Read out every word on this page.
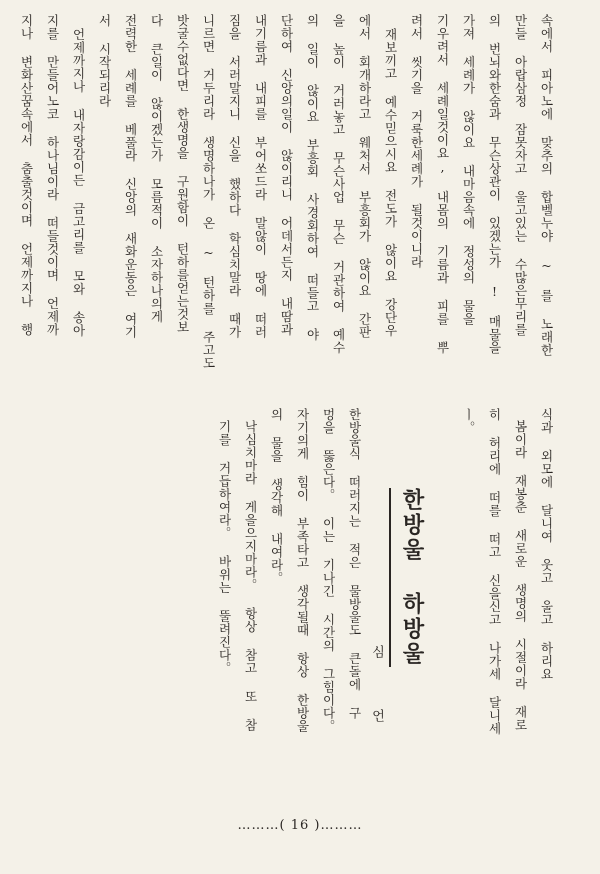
속에서 피아노에 맞추의 합벨누야 ~ 를 노래한
만들 아랍삼정 잠못자고 울고있는 수많은무리를
의 번뇌와한숨과 무슨상관이 있겠는가 ! 매물을
가져 세례가 않이요 내마음속에 정성의 물을
기우려서 세례일것이요, 내몸의 기름과 피를 뿌
려서 씻기을 거룩한세례가 될것이니라
재보끼고 예수믿으시요 전도가 않이요 강단우
에서 회개하라고 웨처서 부흥회가 않이요 간판
을 높이 거러놓고 무슨사업 무슨 거관하여 예수
의 일이 않이요 부흥회 사경회하여 떠들고 야
단하여 신앙의일이 않이리니 어데서든지 내땀과
내기름과 내피를 부어쏘드라 말않이 땅에 떠러
짐을 서러말지니 신을 했하다 학심치말라 때가
니르면 거두리라 생명하나가 온 ~ 턴하를 주고도
밧굴수없다면 한생명을 구원함이 턴하를얻는것보
다 큰일이 않이겠는가 모름적이 소자하나의게
전력한 세례를 베풀라 신앙의 새화운동은 여기
서 시작되리라
언제까지나 내자랑감이든 금고리를 모와 송아
지를 만들어노코 하나님이라 떠들것이며 언제까
지나 변화산꿈속에서 춤출것이며 언제까지나 행
식과 외모에 달니여 웃고 울고 하리요
봄이라 재봉춘 새로운 생명의 시절이라 재로
히 허리에 떠를 떠고 신을신고 나가세 달니세
ㅣ。
한방울 하방울
심 언
한방울식 떠러지는 적은 물방울도 큰돌에 구
멍을 뚫은다。 이는 기나긴 시간의 그힘이다。
자기의게 힘이 부족타고 생각될때 항상 한방울
의 물을 생각해 내여라。
낙심치마라 게을으지마라。 항상 참고 또 참
기를 거듭하여라。 바위는 뚤려진다。
………( 16 )………
